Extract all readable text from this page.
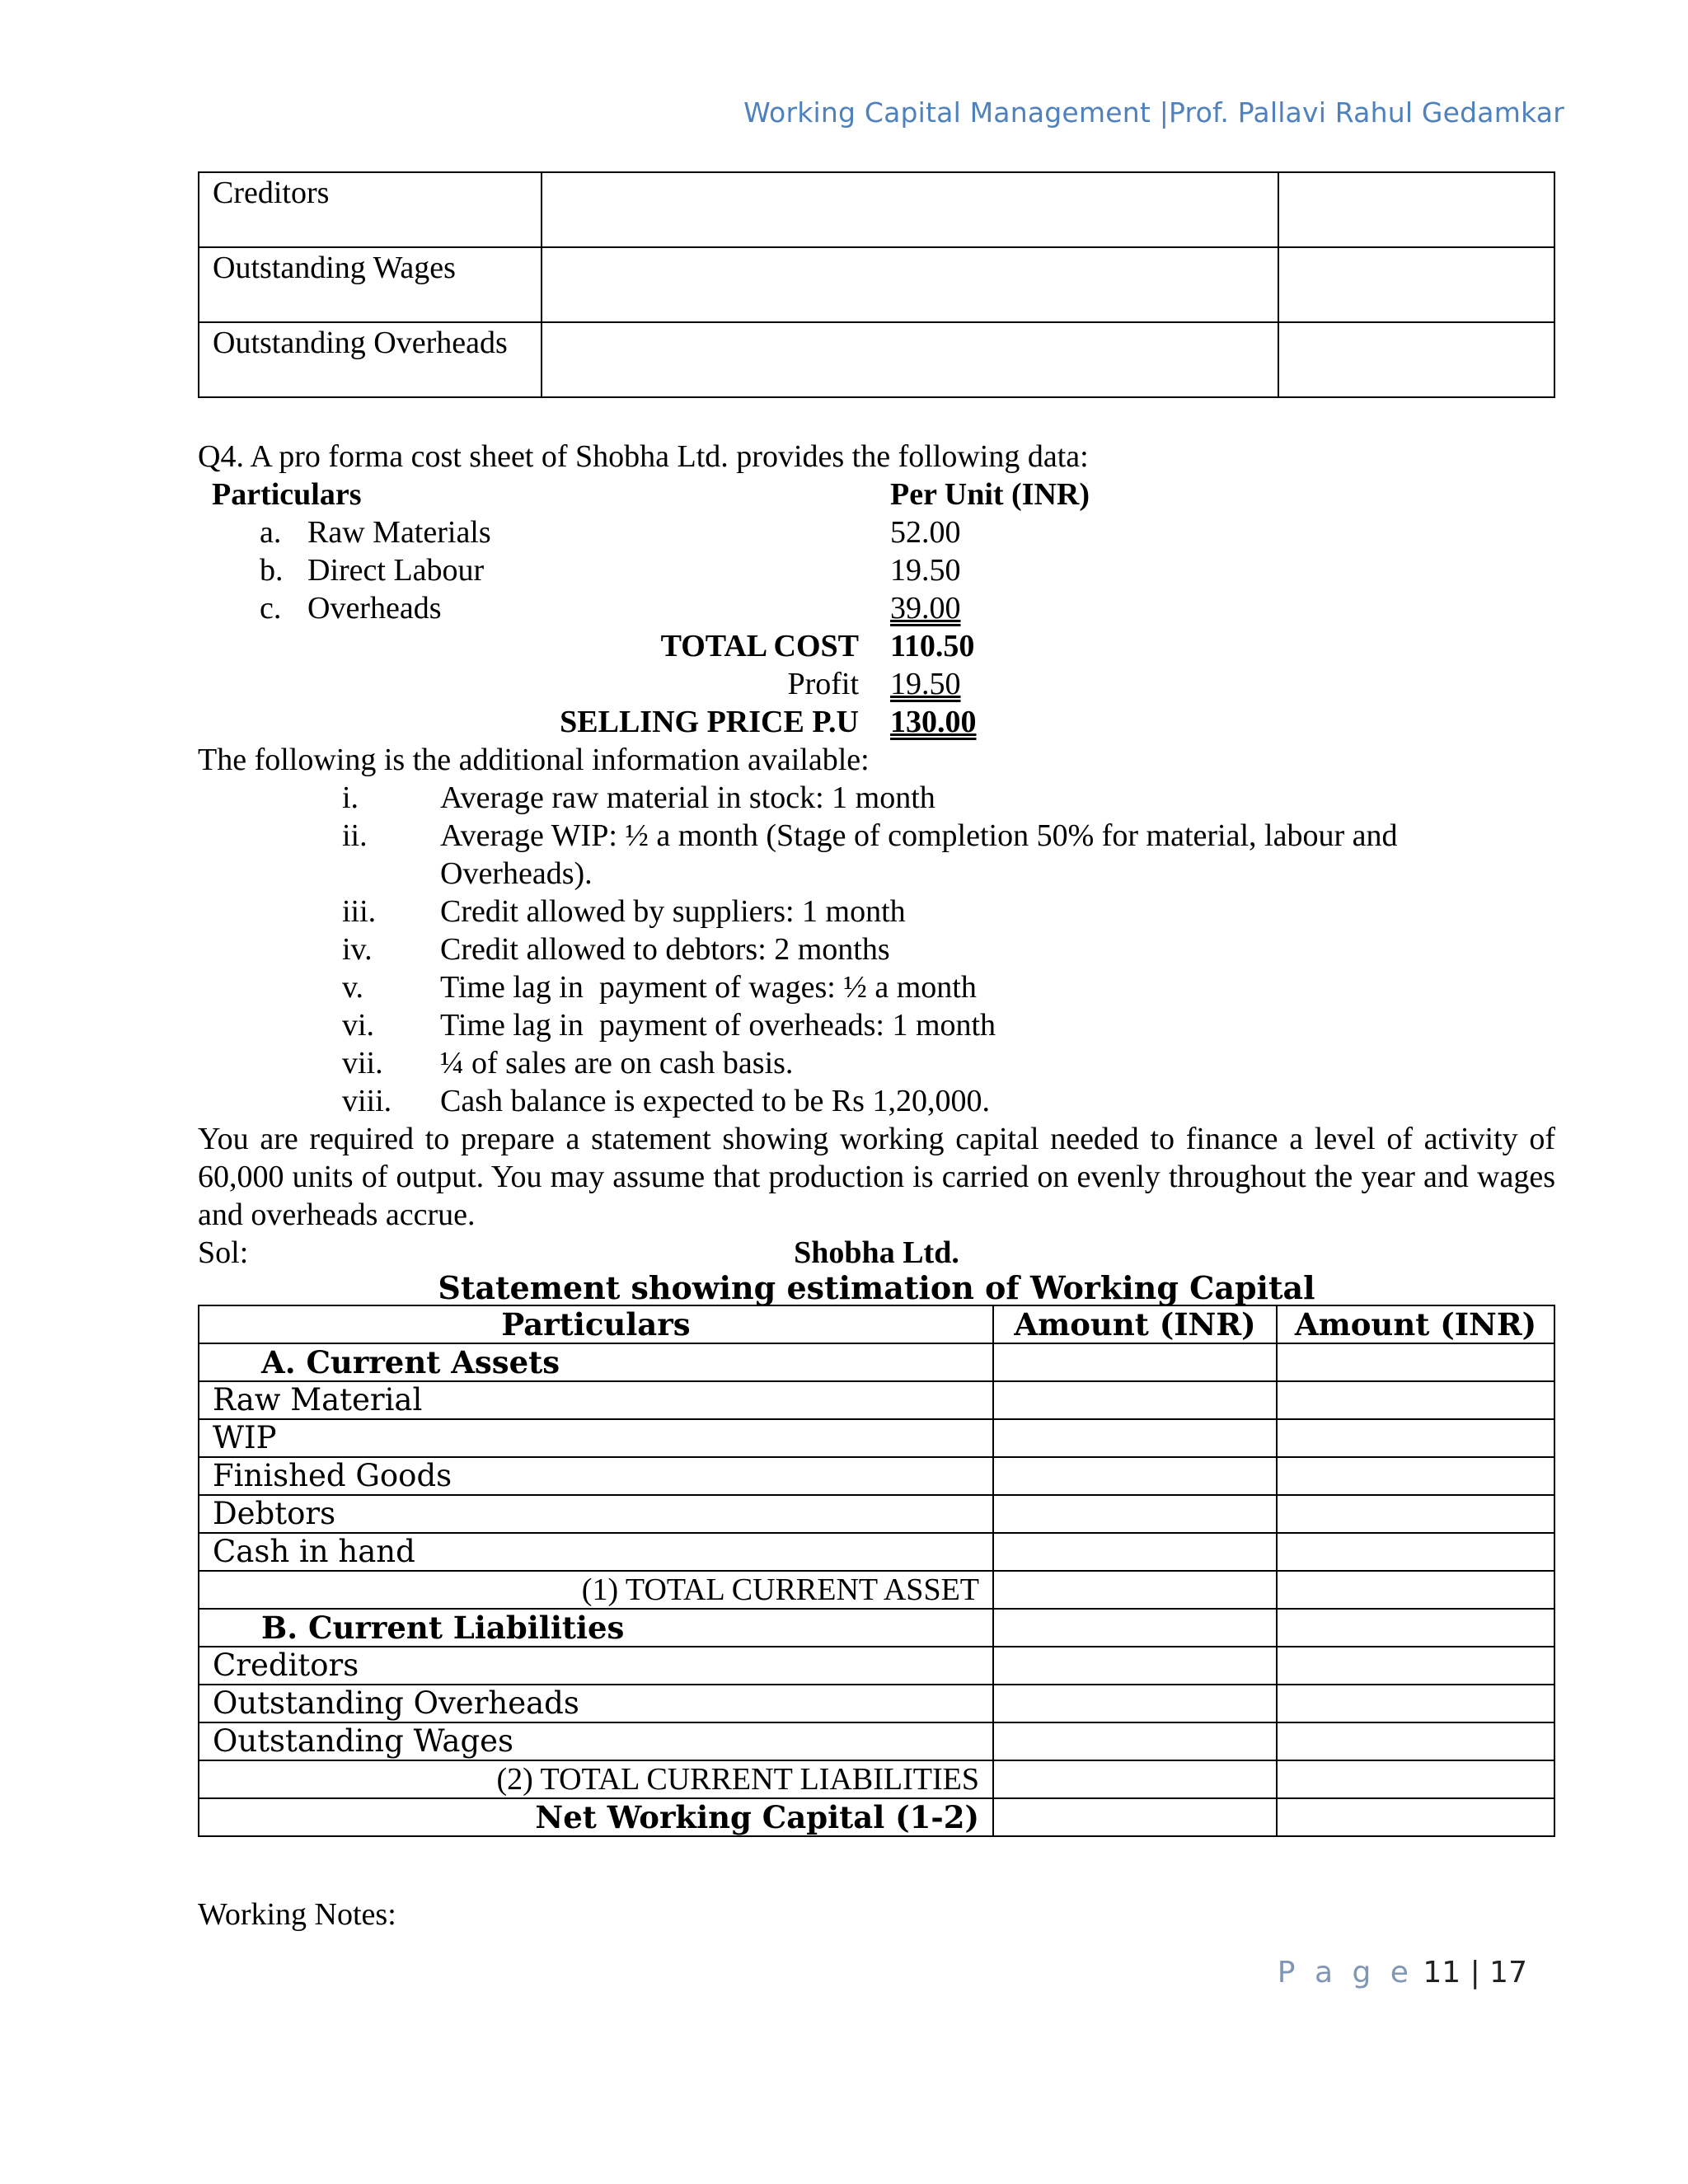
Working Capital Management |Prof. Pallavi Rahul Gedamkar
Creditors		
Outstanding Wages		
Outstanding Overheads		
Q4. A pro forma cost sheet of Shobha Ltd. provides the following data:
Particulars	Per Unit (INR)
a. Raw Materials	52.00
b. Direct Labour	19.50
c. Overheads	39.00
TOTAL COST 110.50
Profit 19.50
SELLING PRICE P.U 130.00
The following is the additional information available:
i.	Average raw material in stock: 1 month
ii.	Average WIP: ½ a month (Stage of completion 50% for material, labour and Overheads).
iii.	Credit allowed by suppliers: 1 month
iv.	Credit allowed to debtors: 2 months
v.	Time lag in  payment of wages: ½ a month
vi.	Time lag in  payment of overheads: 1 month
vii.	¼ of sales are on cash basis.
viii. Cash balance is expected to be Rs 1,20,000.
You are required to prepare a statement showing working capital needed to finance a level of activity of 60,000 units of output. You may assume that production is carried on evenly throughout the year and wages and overheads accrue.
Sol:	Shobha Ltd.
Statement showing estimation of Working Capital
Particulars	Amount (INR)	Amount (INR)
A. Current Assets		
Raw Material		
WIP		
Finished Goods		
Debtors		
Cash in hand		
(1) TOTAL CURRENT ASSET		
B. Current Liabilities		
Creditors		
Outstanding Overheads		
Outstanding Wages		
(2) TOTAL CURRENT LIABILITIES		
Net Working Capital (1-2)		
Working Notes:
P a g e 11 | 17
